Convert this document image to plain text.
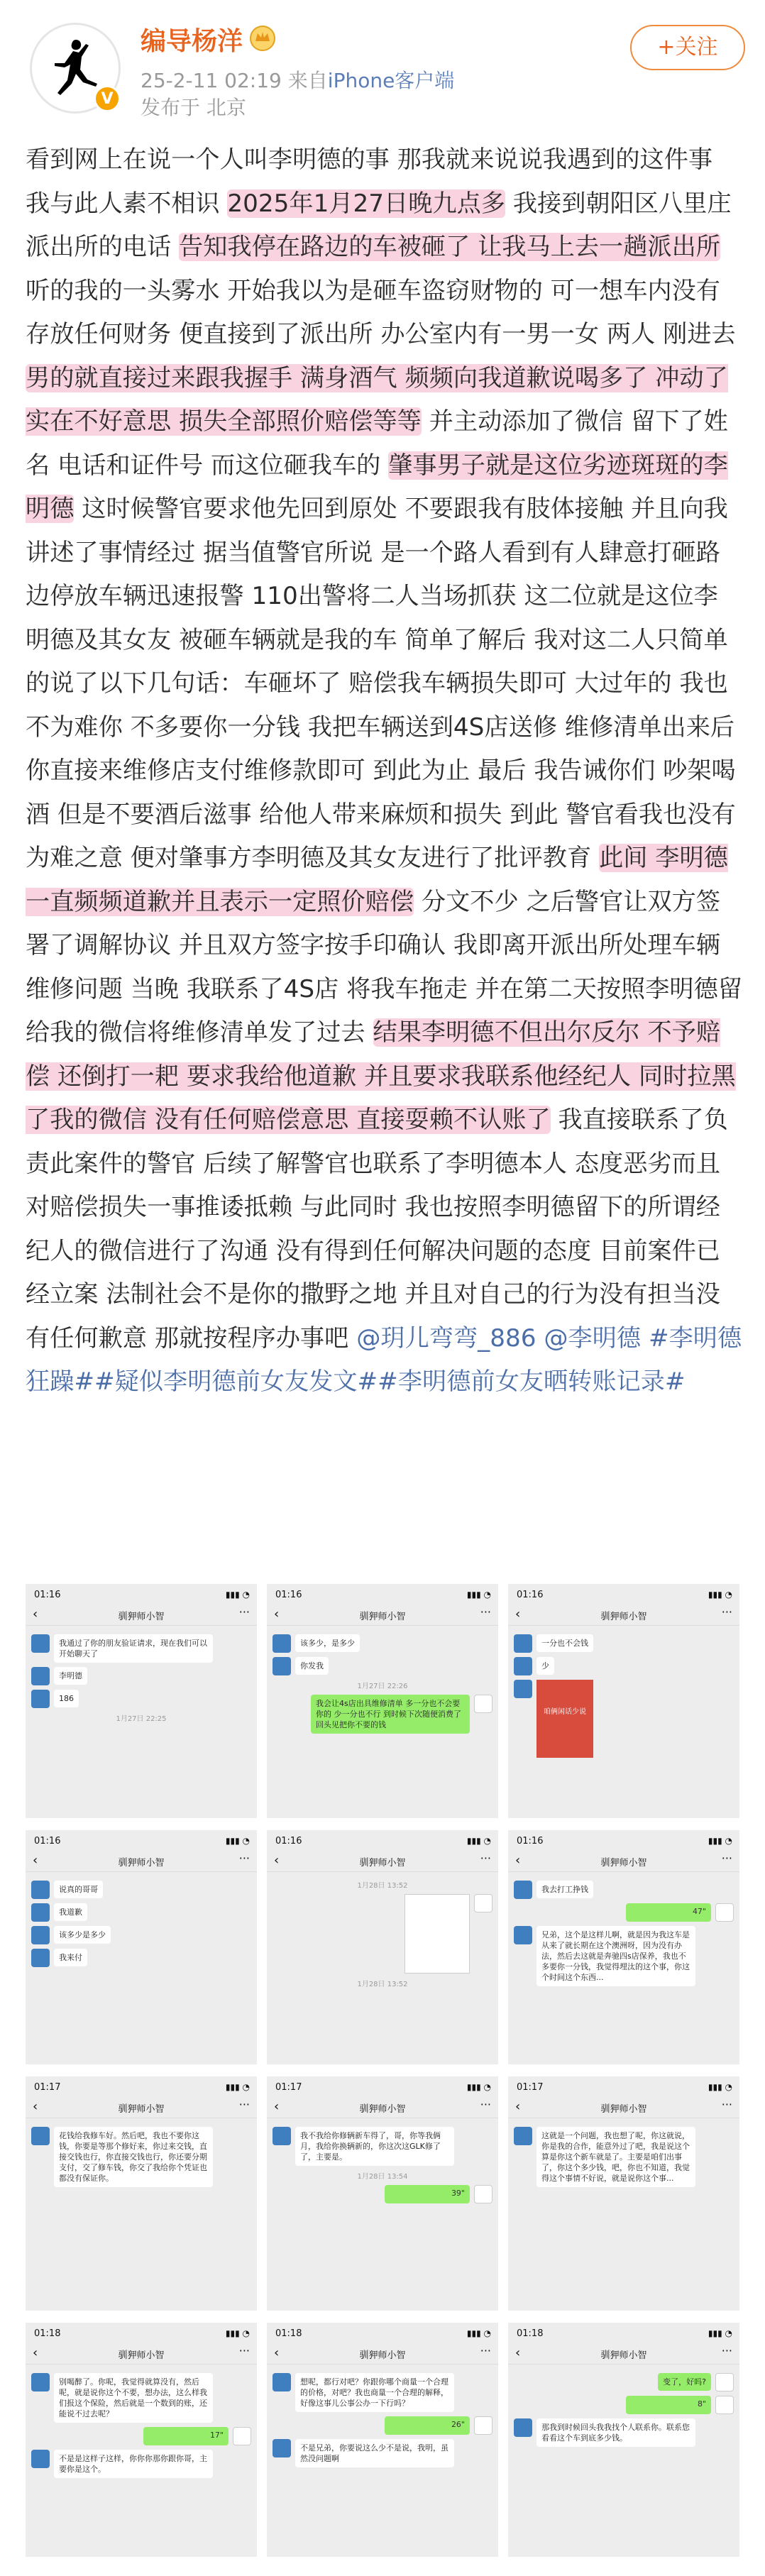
V
编导杨洋
25-2-11 02:19 来自iPhone客户端
发布于 北京
+关注
看到网上在说一个人叫李明德的事 那我就来说说我遇到的这件事 我与此人素不相识 2025年1月27日晚九点多 我接到朝阳区八里庄派出所的电话 告知我停在路边的车被砸了 让我马上去一趟派出所 听的我的一头雾水 开始我以为是砸车盗窃财物的 可一想车内没有存放任何财务 便直接到了派出所 办公室内有一男一女 两人 刚进去 男的就直接过来跟我握手 满身酒气 频频向我道歉说喝多了 冲动了 实在不好意思 损失全部照价赔偿等等 并主动添加了微信 留下了姓名 电话和证件号 而这位砸我车的 肇事男子就是这位劣迹斑斑的李明德 这时候警官要求他先回到原处 不要跟我有肢体接触 并且向我讲述了事情经过 据当值警官所说 是一个路人看到有人肆意打砸路边停放车辆迅速报警 110出警将二人当场抓获 这二位就是这位李明德及其女友 被砸车辆就是我的车 简单了解后 我对这二人只简单的说了以下几句话：车砸坏了 赔偿我车辆损失即可 大过年的 我也不为难你 不多要你一分钱 我把车辆送到4S店送修 维修清单出来后 你直接来维修店支付维修款即可 到此为止 最后 我告诫你们 吵架喝酒 但是不要酒后滋事 给他人带来麻烦和损失 到此 警官看我也没有为难之意 便对肇事方李明德及其女友进行了批评教育 此间 李明德一直频频道歉并且表示一定照价赔偿 分文不少 之后警官让双方签署了调解协议 并且双方签字按手印确认 我即离开派出所处理车辆维修问题 当晚 我联系了4S店 将我车拖走 并在第二天按照李明德留给我的微信将维修清单发了过去 结果李明德不但出尔反尔 不予赔偿 还倒打一耙 要求我给他道歉 并且要求我联系他经纪人 同时拉黑了我的微信 没有任何赔偿意思 直接耍赖不认账了 我直接联系了负责此案件的警官 后续了解警官也联系了李明德本人 态度恶劣而且对赔偿损失一事推诿抵赖 与此同时 我也按照李明德留下的所谓经纪人的微信进行了沟通 没有得到任何解决问题的态度 目前案件已经立案 法制社会不是你的撒野之地 并且对自己的行为没有担当没有任何歉意 那就按程序办事吧 @玥儿弯弯_886 @李明德 #李明德狂躁##疑似李明德前女友发文##李明德前女友晒转账记录#
01:16	▮▮▮ ◔
‹	驯狎师小智	···
我通过了你的朋友验证请求，现在我们可以开始聊天了
李明德
186
1月27日 22:25
01:16	▮▮▮ ◔
‹	驯狎师小智	···
该多少，是多少
你发我
1月27日 22:26
我会让4s店出具维修清单 多一分也不会要你的 少一分也不行 到时候下次随便消费了 回头见把你不要的钱
01:16	▮▮▮ ◔
‹	驯狎师小智	···
一分也不会钱
少
咱俩闲话少说
01:16	▮▮▮ ◔
‹	驯狎师小智	···
说真的哥哥
我道歉
该多少是多少
我来付
01:16	▮▮▮ ◔
‹	驯狎师小智	···
1月28日 13:52
1月28日 13:52
01:16	▮▮▮ ◔
‹	驯狎师小智	···
我去打工挣钱
47"
兄弟，这个是这样儿啊，就是因为我这车是从来了就长期在这个澳洲呀，因为没有办法，然后去这就是奔驰四s店保养，我也不多要你一分钱，我觉得埋汰的这个事，你这个时间这个东西...
01:17	▮▮▮ ◔
‹	驯狎师小智	···
花钱给我修车好。然后吧，我也不要你这钱，你要是等那个修好来，你过来交钱，直接交钱也行，你直接交钱也行，你还要分期支付，交了修车钱，你交了我给你个凭证也都没有保证你。
01:17	▮▮▮ ◔
‹	驯狎师小智	···
我不我给你修辆新车得了，哥，你等我俩月，我给你换辆新的，你这次这GLK修了了，主要是。
1月28日 13:54
39"
01:17	▮▮▮ ◔
‹	驯狎师小智	···
这就是一个问题，我也想了呢，你这就说，你是我的合作，能意外过了吧，我是说这个算是你这个新车就是了。主要是咱们出事了，你这个多少钱，吧，你也不知道，我觉得这个事情不好说，就是说你这个事...
01:18	▮▮▮ ◔
‹	驯狎师小智	···
别喝醉了。你呢，我觉得就算没有，然后呢，就是说你这个不要，想办法，这么样我们报这个保险，然后就是一个数到的账，还能说不过去呢？
17"
不是是这样子这样，你你你那你跟你哥，主要你是这个。
01:18	▮▮▮ ◔
‹	驯狎师小智	···
想呢，都行对吧？你跟你哪个商量一个合理的价格，对吧？我也商量一个合理的解释，好像这事儿公事公办一下行吗？
26"
不是兄弟，你要说这么少不是说，我明，虽然没问题啊
01:18	▮▮▮ ◔
‹	驯狎师小智	···
变了，好吗?
8"
那我到时候回头我我找个人联系你。联系您看看这个车到底多少钱。
